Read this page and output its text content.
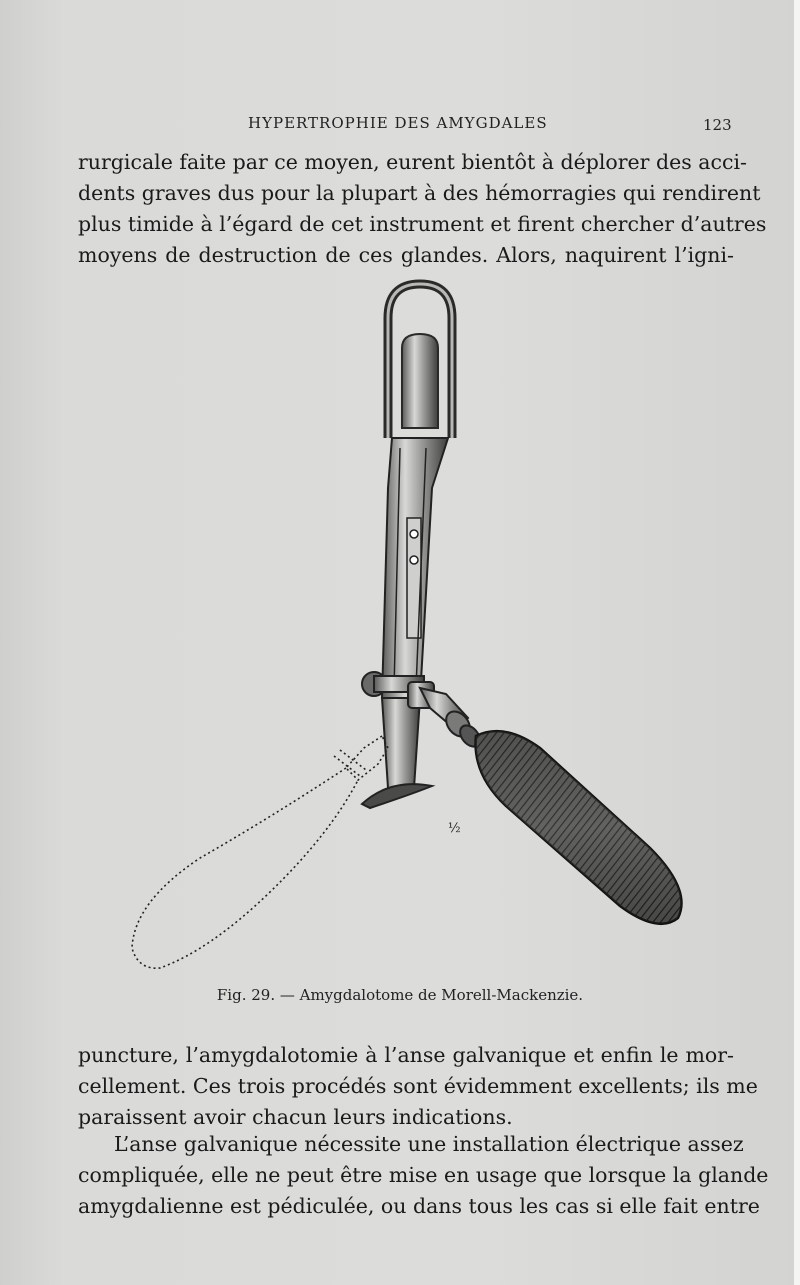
HYPERTROPHIE DES AMYGDALES	123
rurgicale faite par ce moyen, eurent bientôt à déplorer des acci-
dents graves dus pour la plupart à des hémorragies qui rendirent
plus timide à l’égard de cet instrument et firent chercher d’autres
moyens de destruction de ces glandes. Alors, naquirent l’igni-
½
Fig. 29. — Amygdalotome de Morell-Mackenzie.
puncture, l’amygdalotomie à l’anse galvanique et enfin le mor-
cellement. Ces trois procédés sont évidemment excellents; ils me
paraissent avoir chacun leurs indications.
L’anse galvanique nécessite une installation électrique assez
compliquée, elle ne peut être mise en usage que lorsque la glande
amygdalienne est pédiculée, ou dans tous les cas si elle fait entre
